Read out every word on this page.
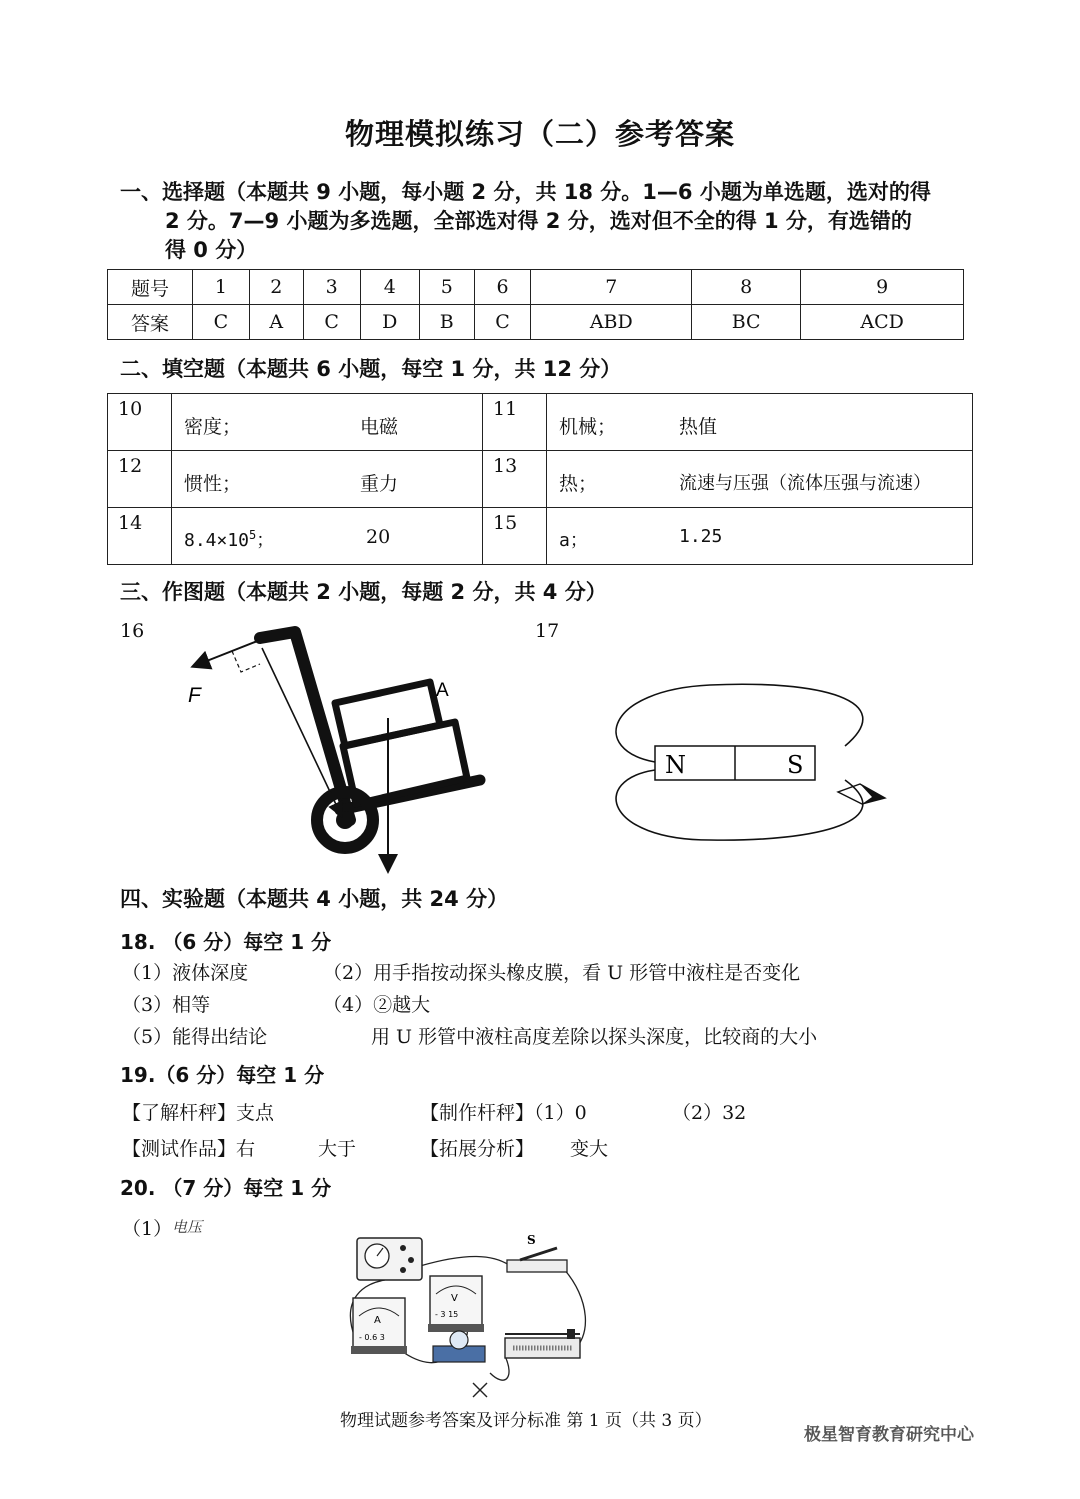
物理模拟练习（二）参考答案
一、选择题（本题共 9 小题，每小题 2 分，共 18 分。1—6 小题为单选题，选对的得
2 分。7—9 小题为多选题，全部选对得 2 分，选对但不全的得 1 分，有选错的
得 0 分）
题号	1	2	3	4	5	6	7	8	9
答案	C	A	C	D	B	C	ABD	BC	ACD
二、填空题（本题共 6 小题，每空 1 分，共 12 分）
10	密度； 电磁	11	机械； 热值

12	惯性； 重力	13	热； 流速与压强（流体压强与流速）

14	$8.4\times 10^5$； 20	15	a； 1.25
三、作图题（本题共 2 小题，每题 2 分，共 4 分）
16	17
F	A
N	S
四、实验题（本题共 4 小题，共 24 分）
18. （6 分）每空 1 分
（1）液体深度	（2）用手指按动探头橡皮膜，看 U 形管中液柱是否变化
（3）相等	（4）②越大
（5）能得出结论	用 U 形管中液柱高度差除以探头深度，比较商的大小
19.（6 分）每空 1 分
【了解杆秤】支点	【制作杆秤】（1）0	（2）32
【测试作品】右	大于	【拓展分析】 变大
20. （7 分）每空 1 分
（1） 电压
S
A
- 0.6 3
V
- 3 15
物理试题参考答案及评分标准 第 1 页（共 3 页）
极星智育教育研究中心
